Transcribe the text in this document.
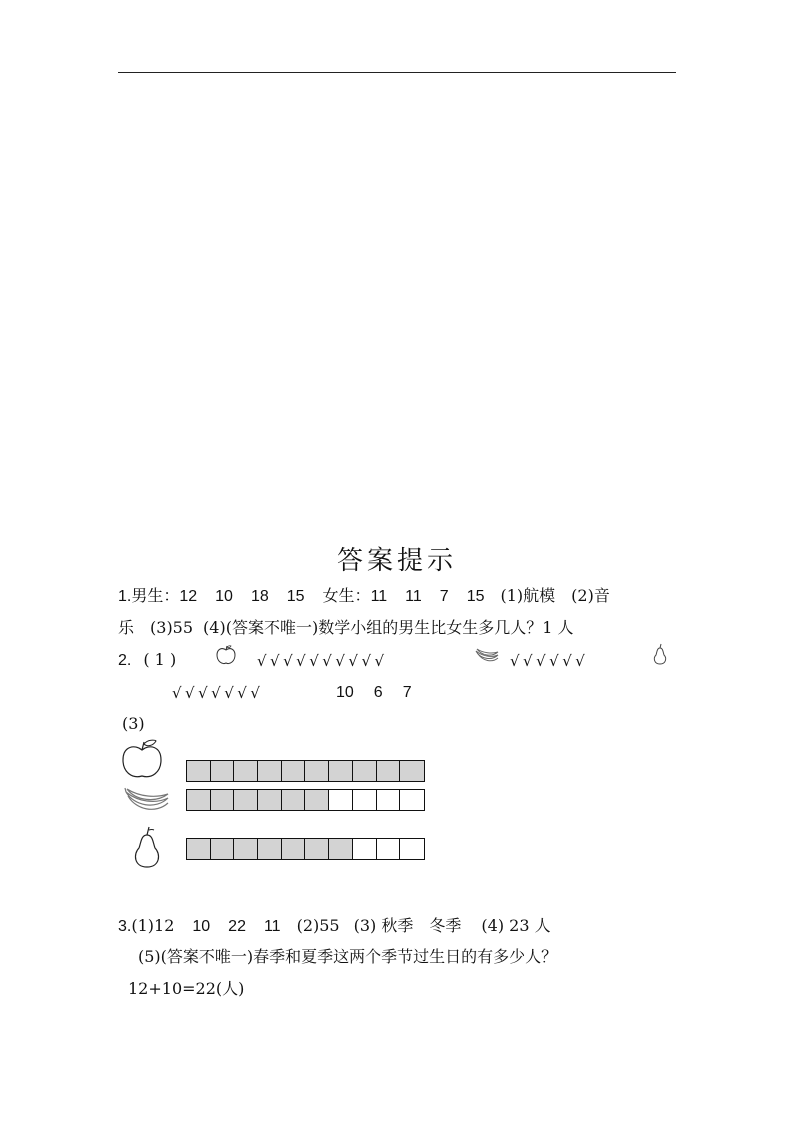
答案提示
1.男生：12 10 18 15 女生：11 11 7 15 (1)航模 (2)音
乐 (3)55 (4)(答案不唯一)数学小组的男生比女生多几人？1 人
2. ( 1 )	√√√√√√√√√√	√√√√√√
√√√√√√√	10 6 7
(3)
3.(1)12 10 22 11 (2)55 (3) 秋季 冬季 (4) 23 人
(5)(答案不唯一)春季和夏季这两个季节过生日的有多少人？
12+10=22(人)
